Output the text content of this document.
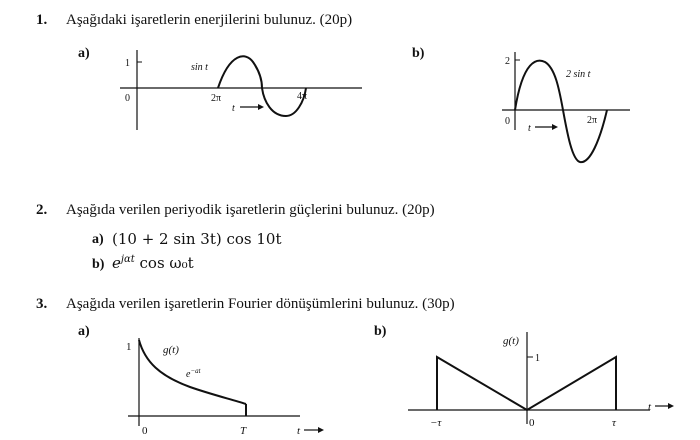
1. Aşağıdaki işaretlerin enerjilerini bulunuz. (20p)
a)	b)
1
0
sin t
2π	4π
t
2
0
2 sin t
2π
t
2. Aşağıda verilen periyodik işaretlerin güçlerini bulunuz. (20p)
a) (10 + 2 sin 3t) cos 10t
b) $e^{j\alpha t}$ cos ω₀t
3. Aşağıda verilen işaretlerin Fourier dönüşümlerini bulunuz. (30p)
a)	b)
1	g(t)
$e^{-at}$
0	T	t
g(t)
1
−τ	0	τ
t
